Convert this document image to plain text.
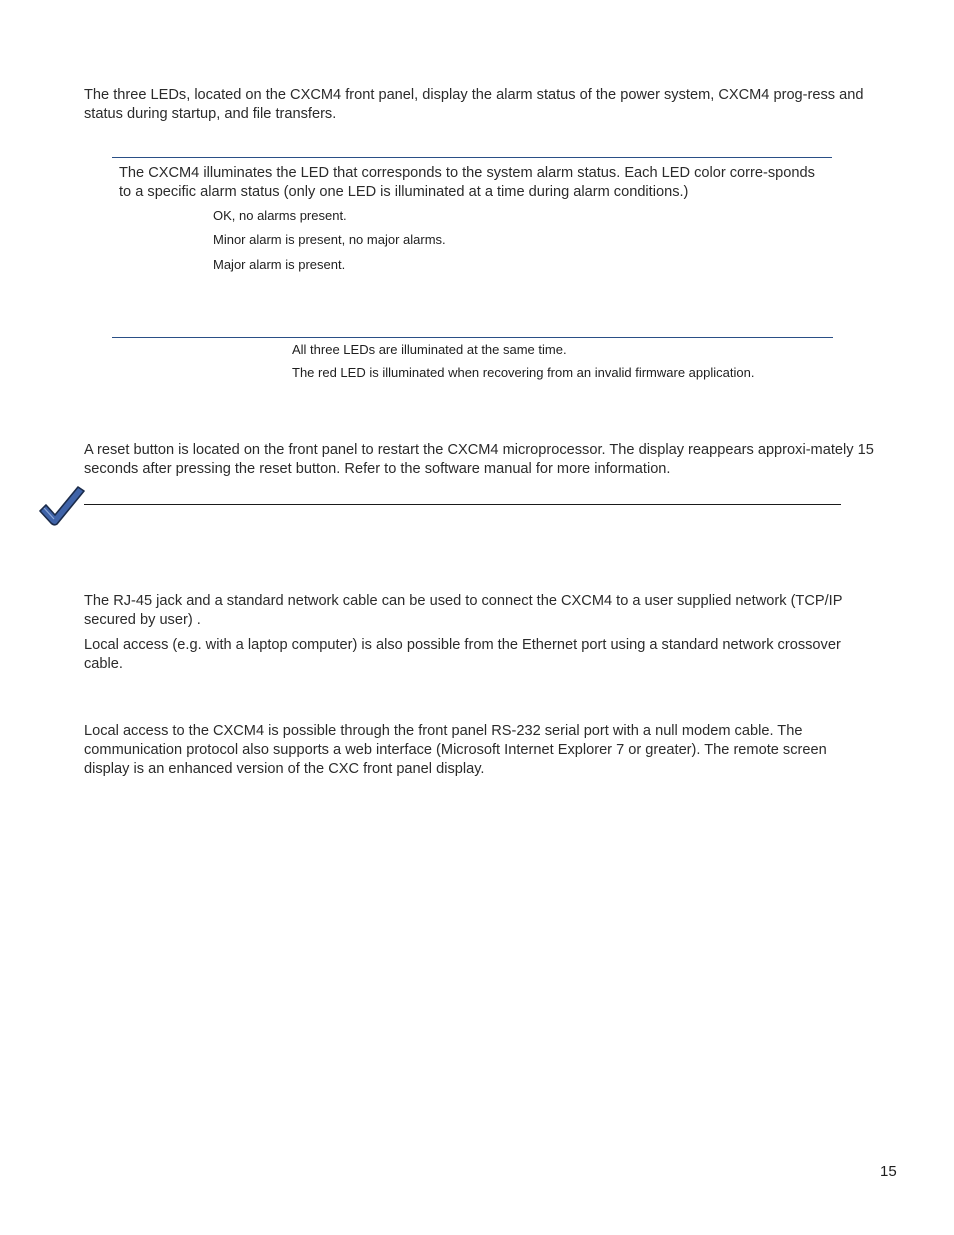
The three LEDs, located on the CXCM4 front panel, display the alarm status of the power system, CXCM4 prog-ress and status during startup, and file transfers.

The CXCM4 illuminates the LED that corresponds to the system alarm status. Each LED color corre-sponds to a specific alarm status (only one LED is illuminated at a time during alarm conditions.)

OK, no alarms present.

Minor alarm is present, no major alarms.

Major alarm is present.

All three LEDs are illuminated at the same time.

The red LED is illuminated when recovering from an invalid firmware application.

A reset button is located on the front panel to restart the CXCM4 microprocessor. The display reappears approxi-mately 15 seconds after pressing the reset button. Refer to the software manual for more information.

The RJ-45 jack and a standard network cable can be used to connect the CXCM4 to a user supplied network (TCP/IP secured by user) .

Local access (e.g. with a laptop computer) is also possible from the Ethernet port using a standard network crossover cable.

Local access to the CXCM4 is possible through the front panel RS-232 serial port with a null modem cable. The communication protocol also supports a web interface (Microsoft Internet Explorer 7 or greater). The remote screen display is an enhanced version of the CXC front panel display.

15
